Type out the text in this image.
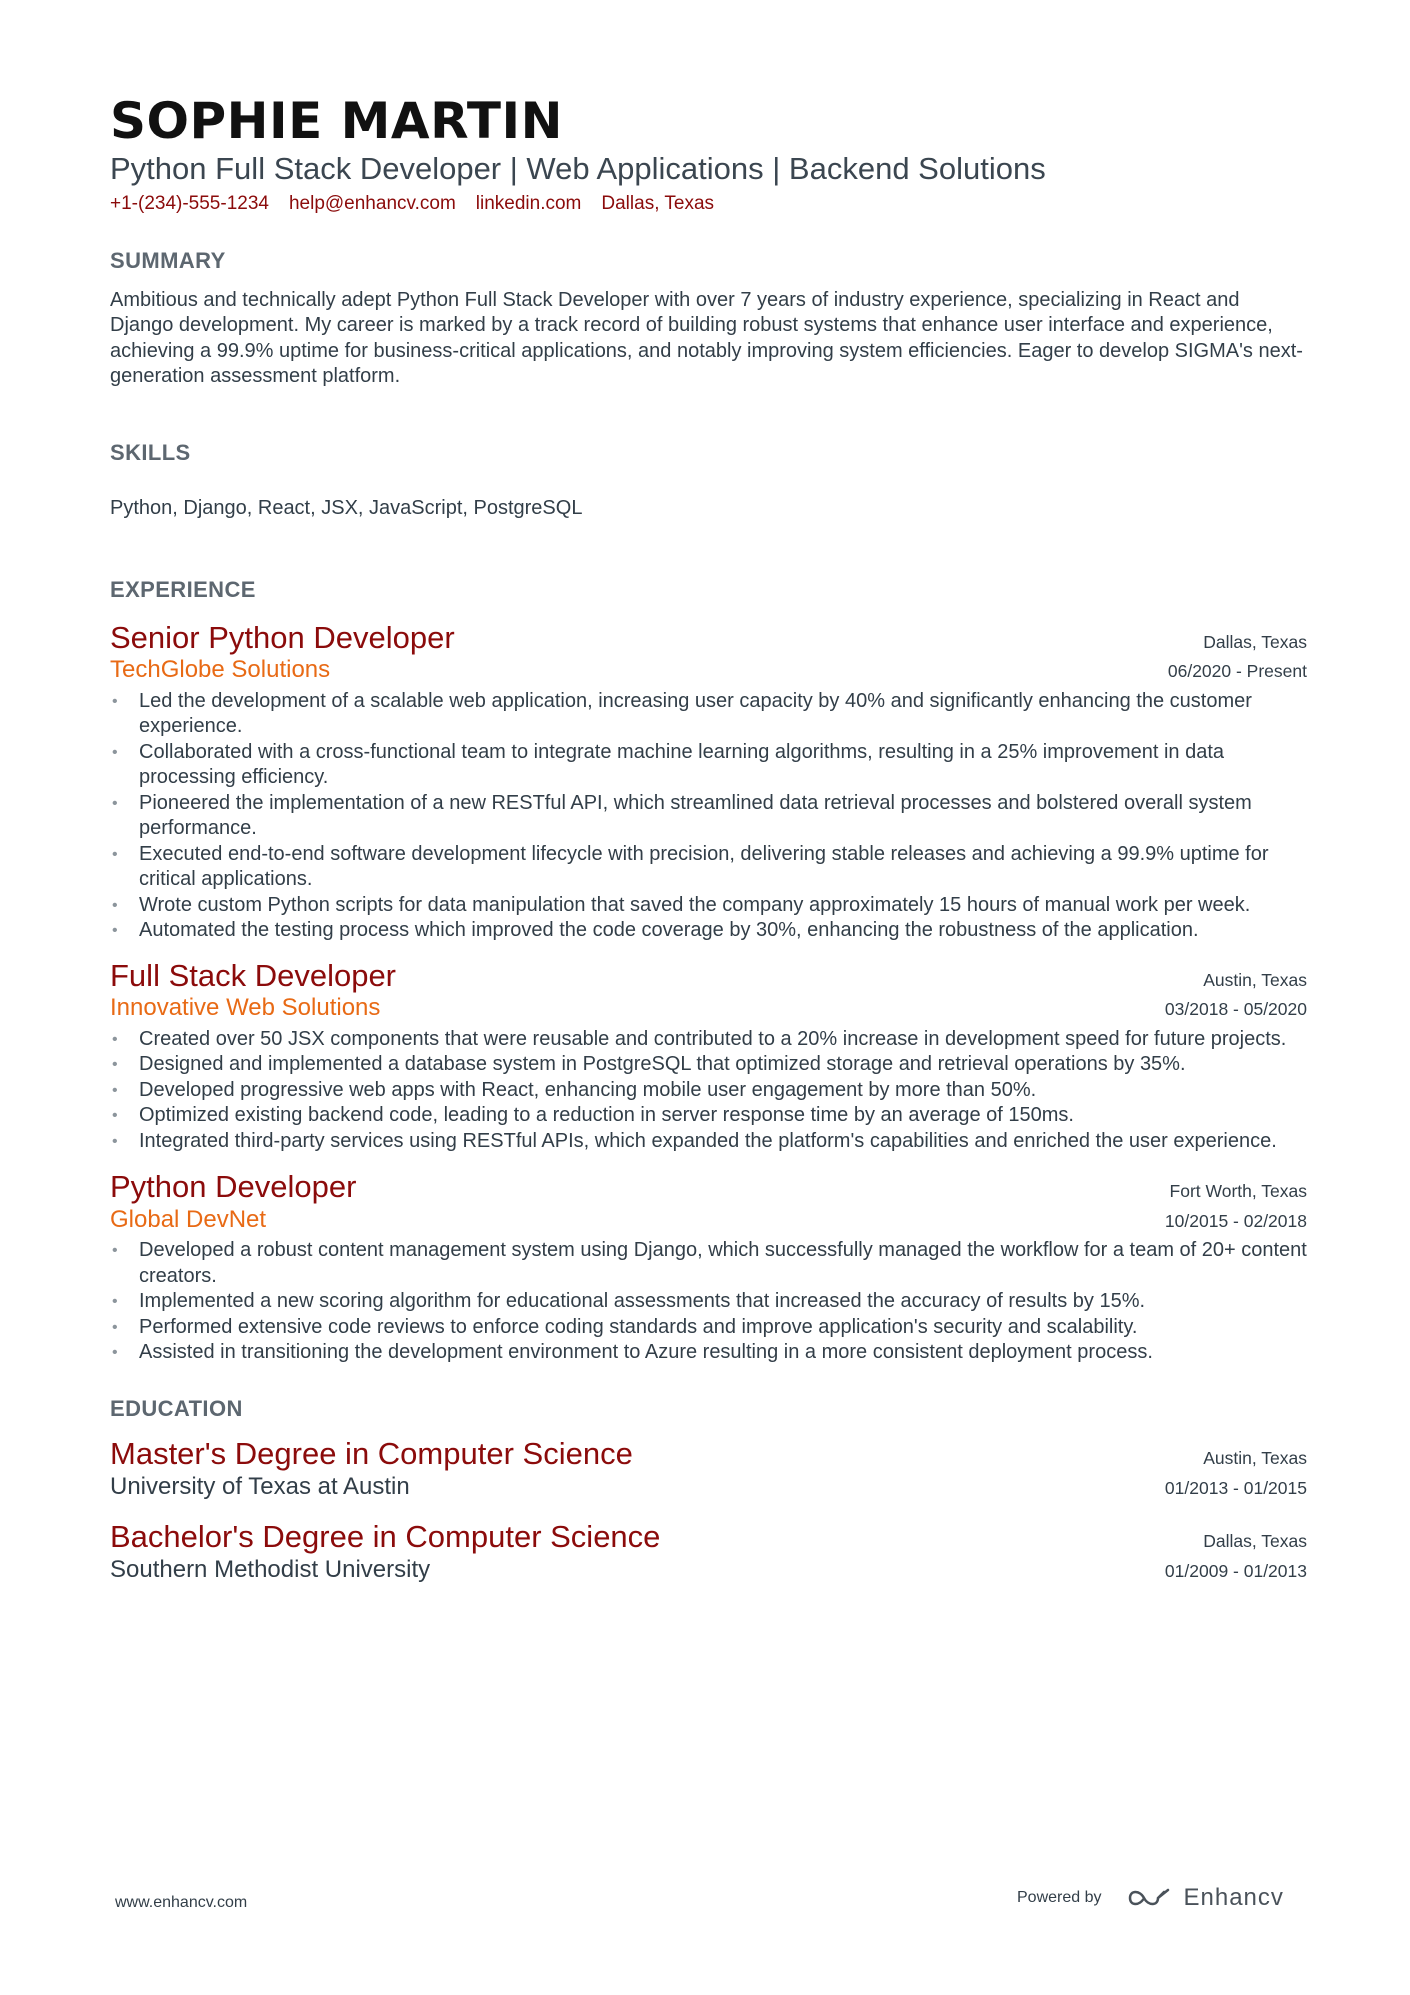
SOPHIE MARTIN
Python Full Stack Developer | Web Applications | Backend Solutions
+1-(234)-555-1234 help@enhancv.com linkedin.com Dallas, Texas
SUMMARY
Ambitious and technically adept Python Full Stack Developer with over 7 years of industry experience, specializing in React and Django development. My career is marked by a track record of building robust systems that enhance user interface and experience, achieving a 99.9% uptime for business-critical applications, and notably improving system efficiencies. Eager to develop SIGMA's next-generation assessment platform.
SKILLS
Python, Django, React, JSX, JavaScript, PostgreSQL
EXPERIENCE
Senior Python Developer	Dallas, Texas
TechGlobe Solutions	06/2020 - Present
• Led the development of a scalable web application, increasing user capacity by 40% and significantly enhancing the customer experience.
• Collaborated with a cross-functional team to integrate machine learning algorithms, resulting in a 25% improvement in data processing efficiency.
• Pioneered the implementation of a new RESTful API, which streamlined data retrieval processes and bolstered overall system performance.
• Executed end-to-end software development lifecycle with precision, delivering stable releases and achieving a 99.9% uptime for critical applications.
• Wrote custom Python scripts for data manipulation that saved the company approximately 15 hours of manual work per week.
• Automated the testing process which improved the code coverage by 30%, enhancing the robustness of the application.
Full Stack Developer	Austin, Texas
Innovative Web Solutions	03/2018 - 05/2020
• Created over 50 JSX components that were reusable and contributed to a 20% increase in development speed for future projects.
• Designed and implemented a database system in PostgreSQL that optimized storage and retrieval operations by 35%.
• Developed progressive web apps with React, enhancing mobile user engagement by more than 50%.
• Optimized existing backend code, leading to a reduction in server response time by an average of 150ms.
• Integrated third-party services using RESTful APIs, which expanded the platform's capabilities and enriched the user experience.
Python Developer	Fort Worth, Texas
Global DevNet	10/2015 - 02/2018
• Developed a robust content management system using Django, which successfully managed the workflow for a team of 20+ content creators.
• Implemented a new scoring algorithm for educational assessments that increased the accuracy of results by 15%.
• Performed extensive code reviews to enforce coding standards and improve application's security and scalability.
• Assisted in transitioning the development environment to Azure resulting in a more consistent deployment process.
EDUCATION
Master's Degree in Computer Science	Austin, Texas
University of Texas at Austin	01/2013 - 01/2015
Bachelor's Degree in Computer Science	Dallas, Texas
Southern Methodist University	01/2009 - 01/2013
www.enhancv.com	Powered by	Enhancv
